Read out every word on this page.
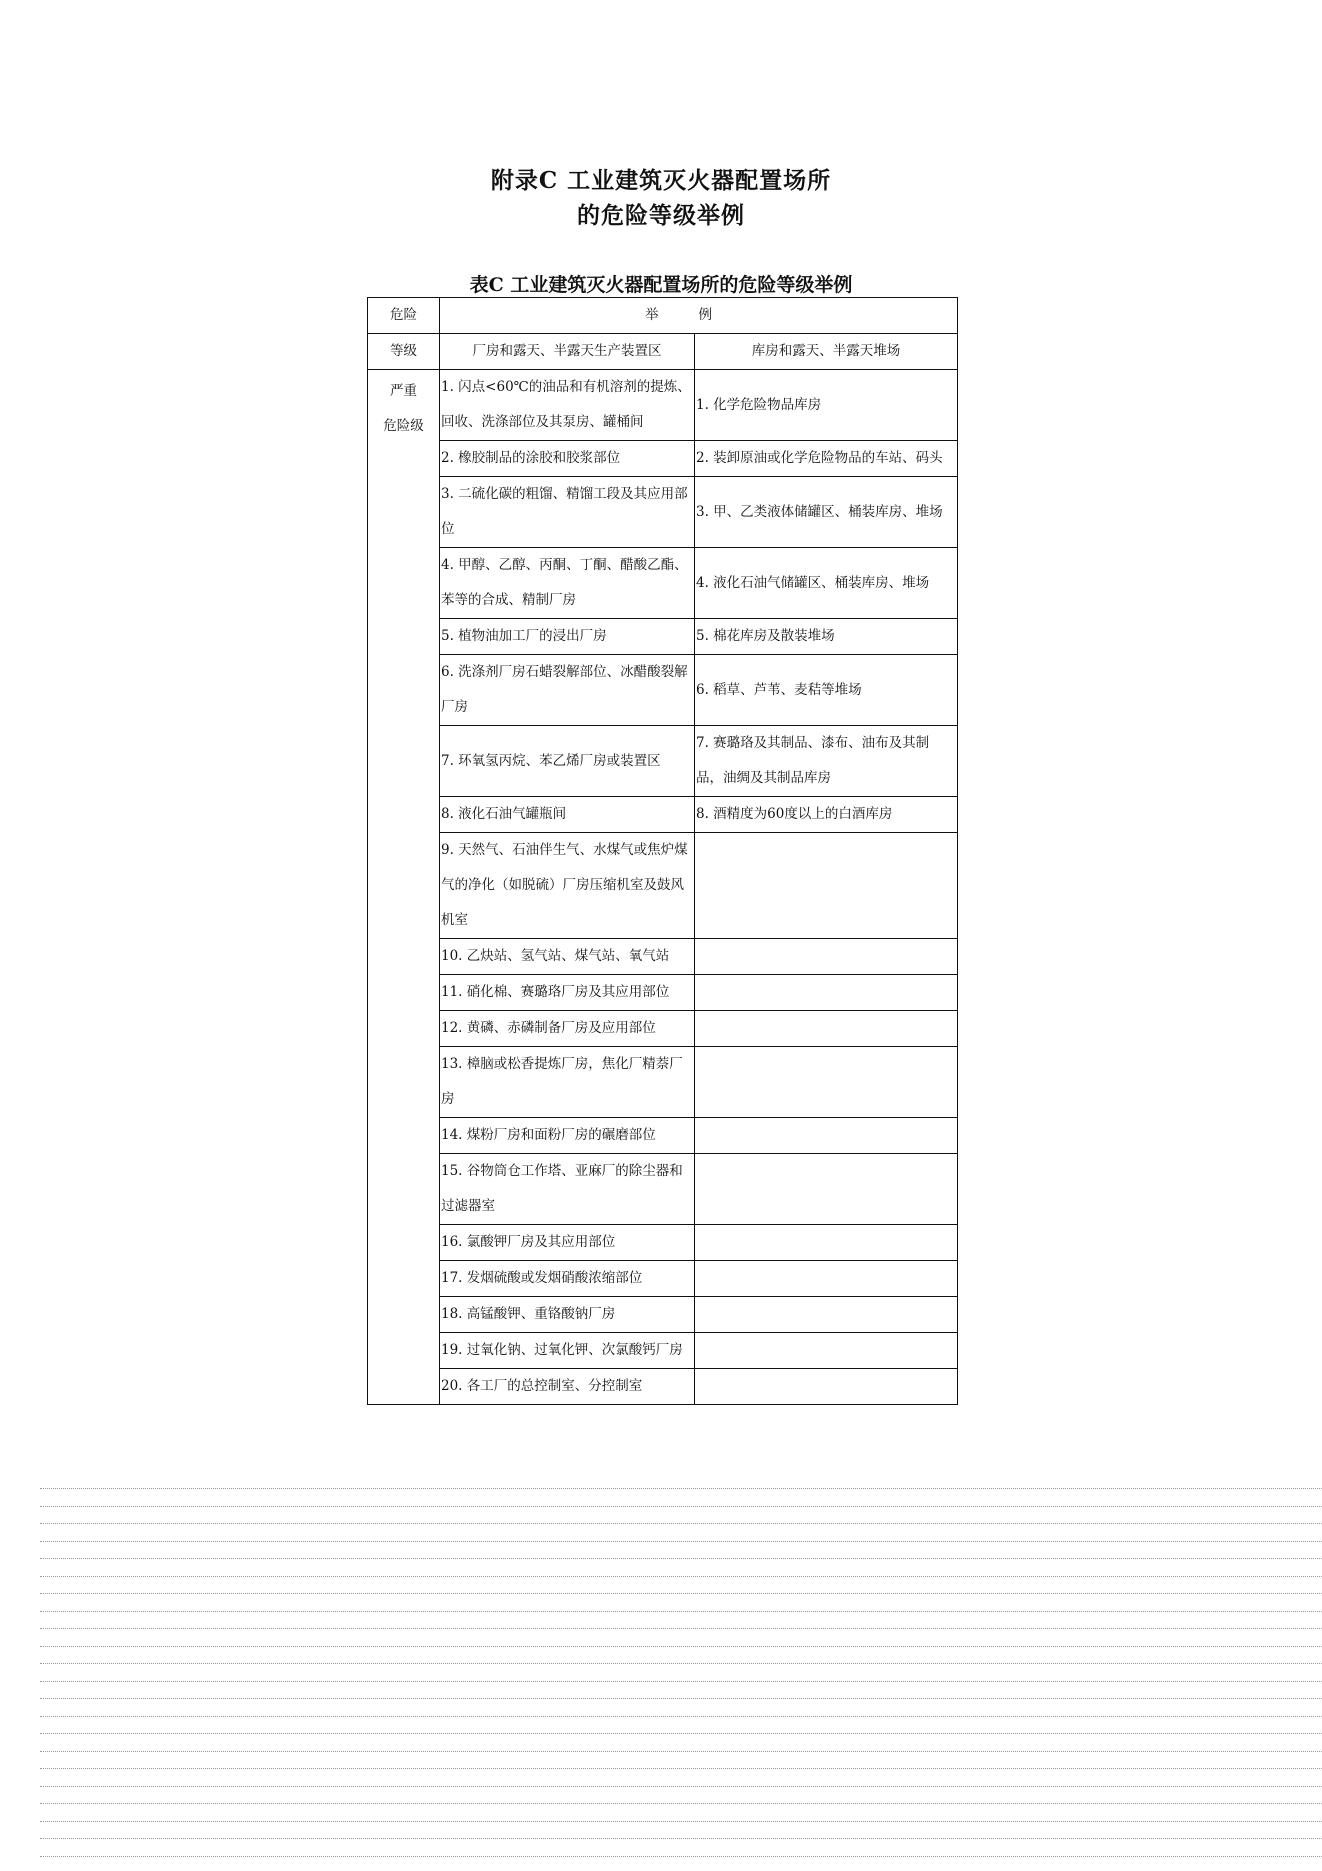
附录C 工业建筑灭火器配置场所
的危险等级举例
表C 工业建筑灭火器配置场所的危险等级举例
危险	举例	
等级	厂房和露天、半露天生产装置区	库房和露天、半露天堆场

严重
危险级	1. 闪点<60℃的油品和有机溶剂的提炼、回收、洗涤部位及其泵房、罐桶间	1. 化学危险物品库房
	2. 橡胶制品的涂胶和胶浆部位	2. 装卸原油或化学危险物品的车站、码头
	3. 二硫化碳的粗馏、精馏工段及其应用部位	3. 甲、乙类液体储罐区、桶装库房、堆场
	4. 甲醇、乙醇、丙酮、丁酮、醋酸乙酯、苯等的合成、精制厂房	4. 液化石油气储罐区、桶装库房、堆场
	5. 植物油加工厂的浸出厂房	5. 棉花库房及散装堆场
	6. 洗涤剂厂房石蜡裂解部位、冰醋酸裂解厂房	6. 稻草、芦苇、麦秸等堆场
	7. 环氧氢丙烷、苯乙烯厂房或装置区	7. 赛璐珞及其制品、漆布、油布及其制品，油绸及其制品库房
	8. 液化石油气罐瓶间	8. 酒精度为60度以上的白酒库房
	9. 天然气、石油伴生气、水煤气或焦炉煤气的净化（如脱硫）厂房压缩机室及鼓风机室	
	10. 乙炔站、氢气站、煤气站、氧气站	
	11. 硝化棉、赛璐珞厂房及其应用部位	
	12. 黄磷、赤磷制备厂房及应用部位	
	13. 樟脑或松香提炼厂房，焦化厂精萘厂房	
	14. 煤粉厂房和面粉厂房的碾磨部位	
	15. 谷物筒仓工作塔、亚麻厂的除尘器和过滤器室	
	16. 氯酸钾厂房及其应用部位	
	17. 发烟硫酸或发烟硝酸浓缩部位	
	18. 高锰酸钾、重铬酸钠厂房	
	19. 过氧化钠、过氧化钾、次氯酸钙厂房	
	20. 各工厂的总控制室、分控制室	
